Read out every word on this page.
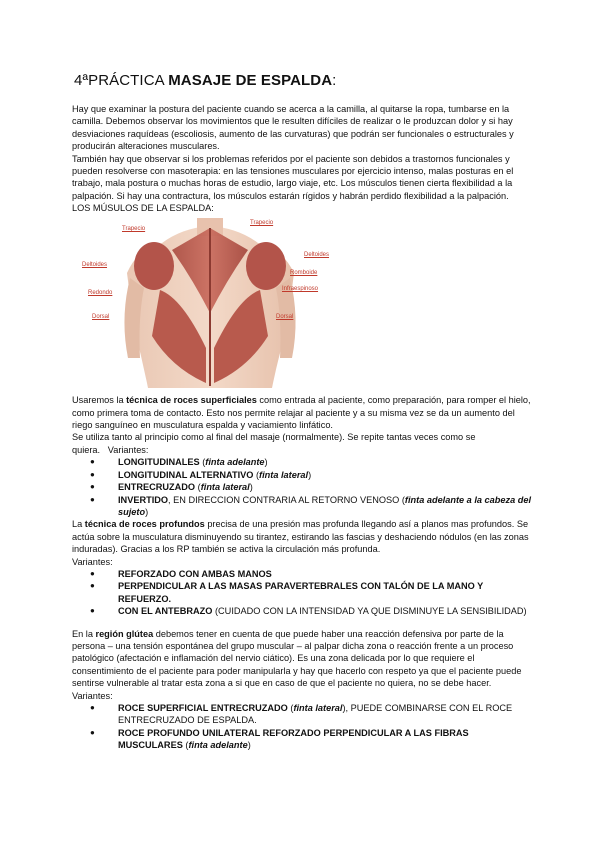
4ªPRÁCTICA MASAJE DE ESPALDA:

Hay que examinar la postura del paciente cuando se acerca a la camilla, al quitarse la ropa, tumbarse en la camilla. Debemos observar los movimientos que le resulten difíciles de realizar o le produzcan dolor y si hay desviaciones raquídeas (escoliosis, aumento de las curvaturas) que podrán ser funcionales o estructurales y producirán alteraciones musculares.

También hay que observar si los problemas referidos por el paciente son debidos a trastornos funcionales y pueden resolverse con masoterapia: en las tensiones musculares por ejercicio intenso, malas posturas en el trabajo, mala postura o muchas horas de estudio, largo viaje, etc. Los músculos tienen cierta flexibilidad a la palpación. Si hay una contractura, los músculos estarán rígidos y habrán perdido flexibilidad a la palpación.

LOS MÚSULOS DE LA ESPALDA:

Trapecio
Trapecio
Deltoides
Deltoides
Romboide
Infraespinoso
Redondo
Dorsal	Dorsal

Usaremos la técnica de roces superficiales como entrada al paciente, como preparación, para romper el hielo, como primera toma de contacto. Esto nos permite relajar al paciente y a su misma vez se da un aumento del riego sanguíneo en musculatura espalda y vaciamiento linfático.

Se utiliza tanto al principio como al final del masaje (normalmente). Se repite tantas veces como se quiera. Variantes:

● LONGITUDINALES (finta adelante)
● LONGITUDINAL ALTERNATIVO (finta lateral)
● ENTRECRUZADO (finta lateral)
● INVERTIDO, EN DIRECCION CONTRARIA AL RETORNO VENOSO (finta adelante a la cabeza del sujeto)

La técnica de roces profundos precisa de una presión mas profunda llegando así a planos mas profundos. Se actúa sobre la musculatura disminuyendo su tirantez, estirando las fascias y deshaciendo nódulos (en las zonas induradas). Gracias a los RP también se activa la circulación más profunda.

Variantes:

● REFORZADO CON AMBAS MANOS
● PERPENDICULAR A LAS MASAS PARAVERTEBRALES CON TALÓN DE LA MANO Y REFUERZO.
● CON EL ANTEBRAZO (CUIDADO CON LA INTENSIDAD YA QUE DISMINUYE LA SENSIBILIDAD)

En la región glútea debemos tener en cuenta de que puede haber una reacción defensiva por parte de la persona – una tensión espontánea del grupo muscular – al palpar dicha zona o reacción frente a un proceso patológico (afectación e inflamación del nervio ciático). Es una zona delicada por lo que requiere el consentimiento de el paciente para poder manipularla y hay que hacerlo con respeto ya que el paciente puede sentirse vulnerable al tratar esta zona a si que en caso de que el paciente no quiera, no se debe hacer. Variantes:

● ROCE SUPERFICIAL ENTRECRUZADO (finta lateral), PUEDE COMBINARSE CON EL ROCE ENTRECRUZADO DE ESPALDA.
● ROCE PROFUNDO UNILATERAL REFORZADO PERPENDICULAR A LAS FIBRAS MUSCULARES (finta adelante)
